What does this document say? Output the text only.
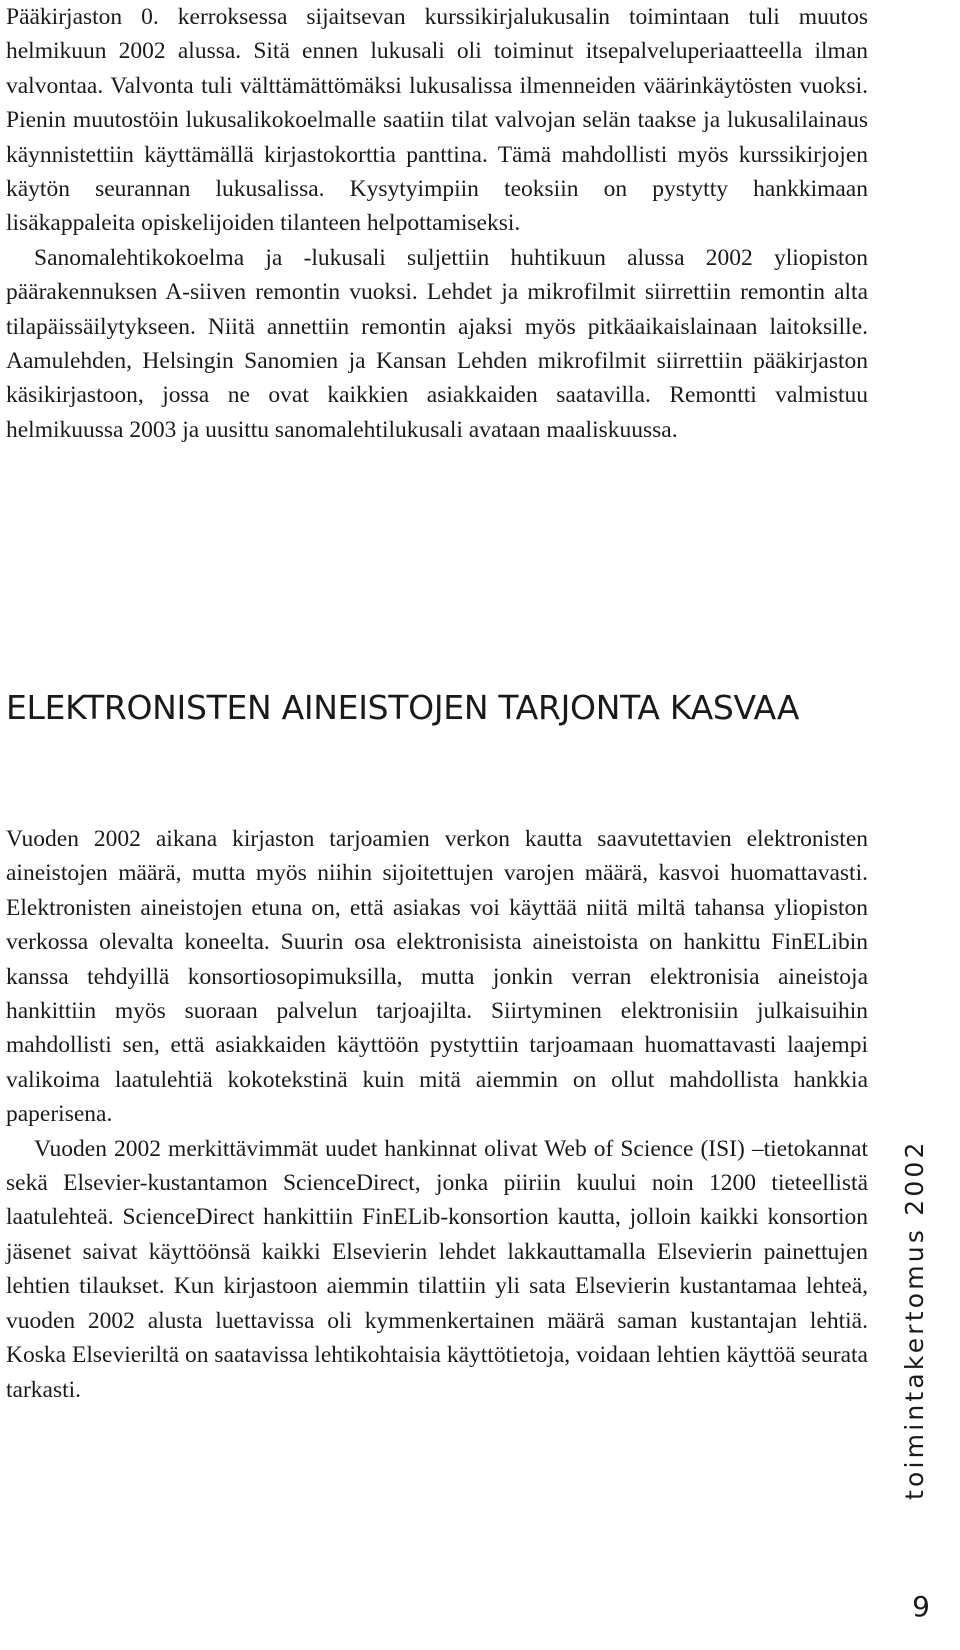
Pääkirjaston 0. kerroksessa sijaitsevan kurssikirjalukusalin toimintaan tuli muutos helmikuun 2002 alussa. Sitä ennen lukusali oli toiminut itsepalveluperiaatteella ilman valvontaa. Valvonta tuli välttämättömäksi lukusalissa ilmenneiden väärinkäytösten vuoksi. Pienin muutostöin lukusalikokoelmalle saatiin tilat valvojan selän taakse ja lukusalilainaus käynnistettiin käyttämällä kirjastokorttia panttina. Tämä mahdollisti myös kurssikirjojen käytön seurannan lukusalissa. Kysytyimpiin teoksiin on pystytty hankkimaan lisäkappaleita opiskelijoiden tilanteen helpottamiseksi.

Sanomalehtikokoelma ja -lukusali suljettiin huhtikuun alussa 2002 yliopiston päärakennuksen A-siiven remontin vuoksi. Lehdet ja mikrofilmit siirrettiin remontin alta tilapäissäilytykseen. Niitä annettiin remontin ajaksi myös pitkäaikaislainaan laitoksille. Aamulehden, Helsingin Sanomien ja Kansan Lehden mikrofilmit siirrettiin pääkirjaston käsikirjastoon, jossa ne ovat kaikkien asiakkaiden saatavilla. Remontti valmistuu helmikuussa 2003 ja uusittu sanomalehtilukusali avataan maaliskuussa.

ELEKTRONISTEN AINEISTOJEN TARJONTA KASVAA

Vuoden 2002 aikana kirjaston tarjoamien verkon kautta saavutettavien elektronisten aineistojen määrä, mutta myös niihin sijoitettujen varojen määrä, kasvoi huomattavasti. Elektronisten aineistojen etuna on, että asiakas voi käyttää niitä miltä tahansa yliopiston verkossa olevalta koneelta. Suurin osa elektronisista aineistoista on hankittu FinELibin kanssa tehdyillä konsortiosopimuksilla, mutta jonkin verran elektronisia aineistoja hankittiin myös suoraan palvelun tarjoajilta. Siirtyminen elektronisiin julkaisuihin mahdollisti sen, että asiakkaiden käyttöön pystyttiin tarjoamaan huomattavasti laajempi valikoima laatulehtiä kokotekstinä kuin mitä aiemmin on ollut mahdollista hankkia paperisena.

Vuoden 2002 merkittävimmät uudet hankinnat olivat Web of Science (ISI) –tietokannat sekä Elsevier-kustantamon ScienceDirect, jonka piiriin kuului noin 1200 tieteellistä laatulehteä. ScienceDirect hankittiin FinELib-konsortion kautta, jolloin kaikki konsortion jäsenet saivat käyttöönsä kaikki Elsevierin lehdet lakkauttamalla Elsevierin painettujen lehtien tilaukset. Kun kirjastoon aiemmin tilattiin yli sata Elsevierin kustantamaa lehteä, vuoden 2002 alusta luettavissa oli kymmenkertainen määrä saman kustantajan lehtiä. Koska Elsevieriltä on saatavissa lehtikohtaisia käyttötietoja, voidaan lehtien käyttöä seurata tarkasti.	toimintakertomus 2002
9
